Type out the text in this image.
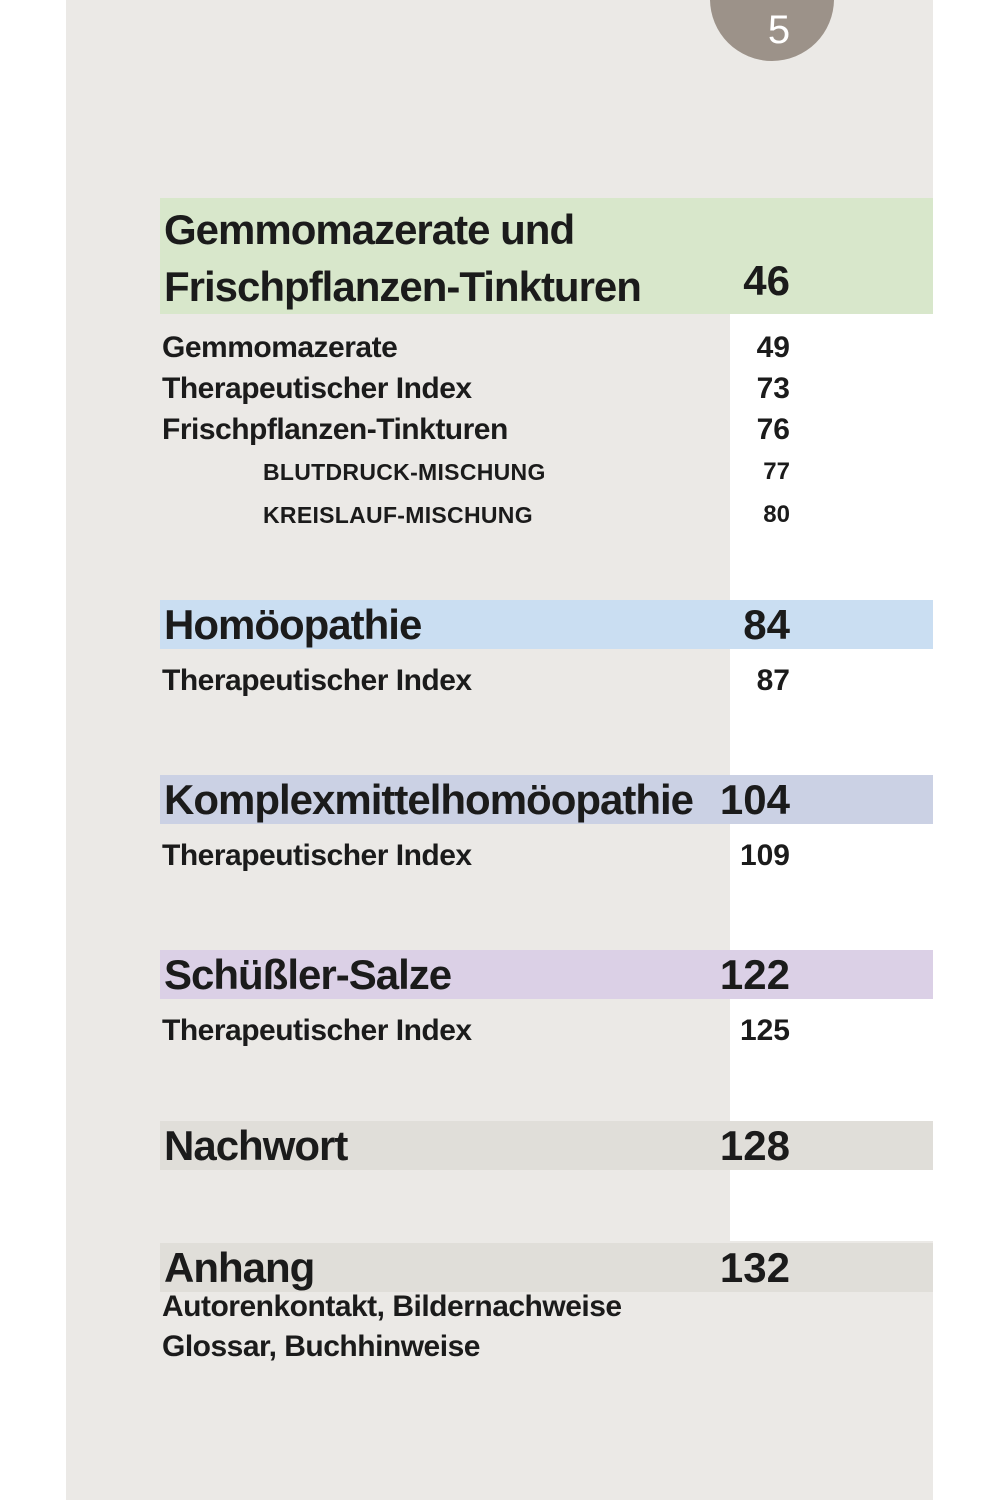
5
Gemmomazerate und
Frischpflanzen-Tinkturen	46
Gemmomazerate	49
Therapeutischer Index	73
Frischpflanzen-Tinkturen	76
BLUTDRUCK-MISCHUNG	77
KREISLAUF-MISCHUNG	80
Homöopathie	84
Therapeutischer Index	87
Komplexmittelhomöopathie 104
Therapeutischer Index	109
Schüßler-Salze	122
Therapeutischer Index	125
Nachwort	128
Anhang	132
Autorenkontakt, Bildernachweise
Glossar, Buchhinweise
